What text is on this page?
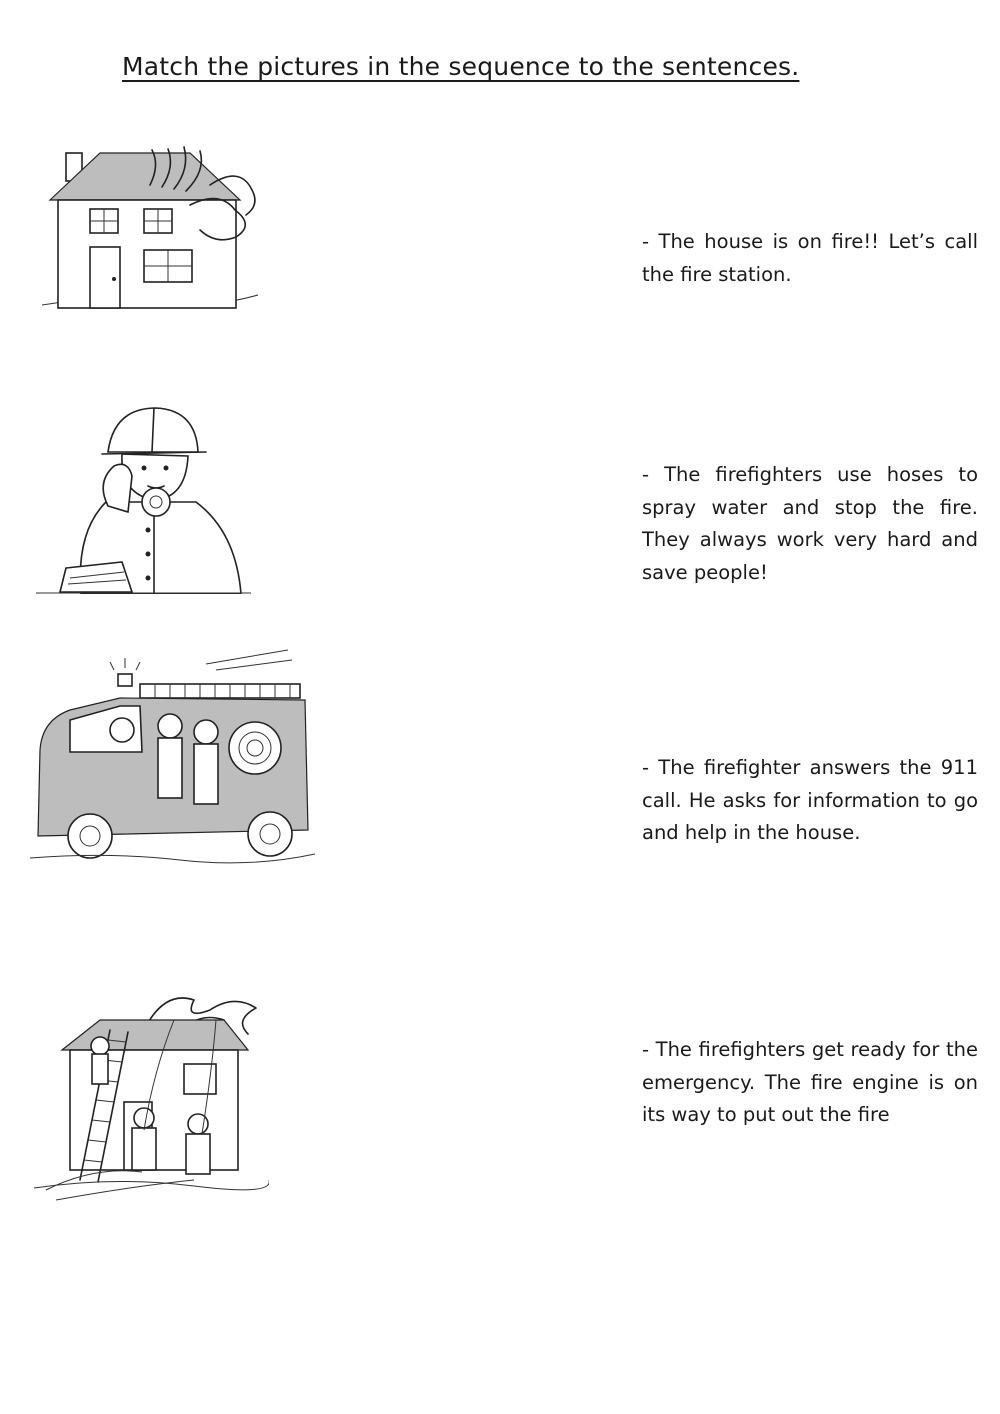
Match the pictures in the sequence to the sentences.
- The house is on fire!! Let’s call the fire station.
- The firefighters use hoses to spray water and stop the fire. They always work very hard and save people!
- The firefighter answers the 911 call. He asks for information to go and help in the house.
- The firefighters get ready for the emergency. The fire engine is on its way to put out the fire
